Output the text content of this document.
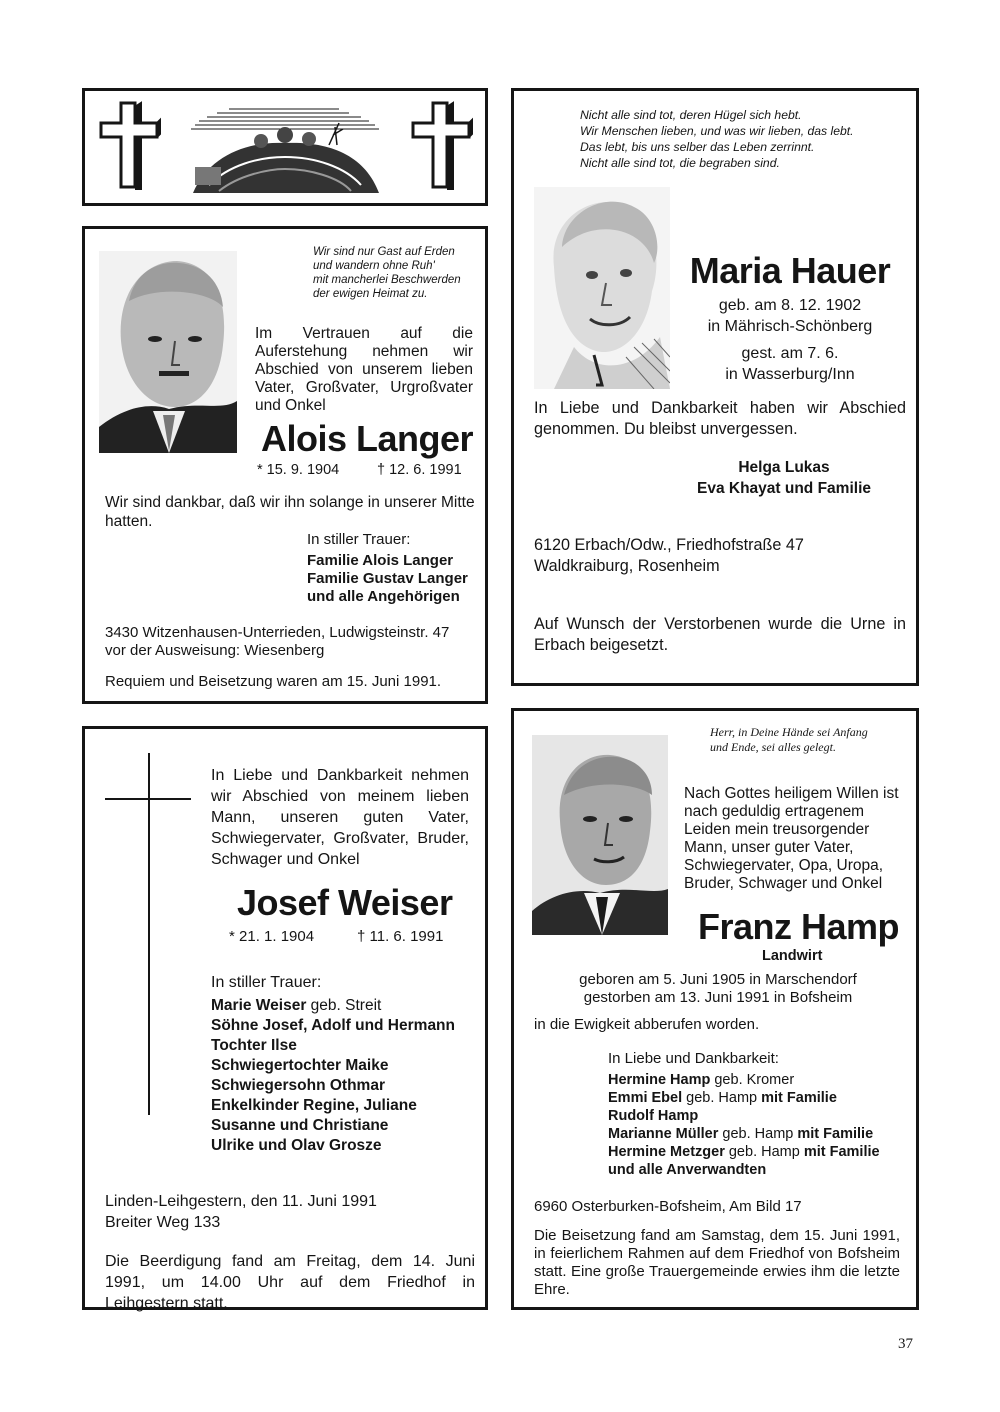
Nicht alle sind tot, deren Hügel sich hebt.
Wir Menschen lieben, und was wir lieben, das lebt.
Das lebt, bis uns selber das Leben zerrinnt.
Nicht alle sind tot, die begraben sind.
Maria Hauer
geb. am 8. 12. 1902
in Mährisch-Schönberg
gest. am 7. 6.
in Wasserburg/Inn
In Liebe und Dankbarkeit haben wir Abschied genommen. Du bleibst unvergessen.
Helga Lukas
Eva Khayat und Familie
6120 Erbach/Odw., Friedhofstraße 47
Waldkraiburg, Rosenheim
Auf Wunsch der Verstorbenen wurde die Urne in Erbach beigesetzt.
Wir sind nur Gast auf Erden
und wandern ohne Ruh'
mit mancherlei Beschwerden
der ewigen Heimat zu.
Im Vertrauen auf die Auferstehung nehmen wir Abschied von unserem lieben Vater, Großvater, Urgroßvater und Onkel
Alois Langer
* 15. 9. 1904	† 12. 6. 1991
Wir sind dankbar, daß wir ihn solange in unserer Mitte hatten.
In stiller Trauer:
Familie Alois Langer
Familie Gustav Langer
und alle Angehörigen
3430 Witzenhausen-Unterrieden, Ludwigsteinstr. 47
vor der Ausweisung: Wiesenberg
Requiem und Beisetzung waren am 15. Juni 1991.
In Liebe und Dankbarkeit nehmen wir Abschied von meinem lieben Mann, unseren guten Vater, Schwiegervater, Großvater, Bruder, Schwager und Onkel
Josef Weiser
* 21. 1. 1904	† 11. 6. 1991
In stiller Trauer:
Marie Weiser geb. Streit
Söhne Josef, Adolf und Hermann
Tochter Ilse
Schwiegertochter Maike
Schwiegersohn Othmar
Enkelkinder Regine, Juliane
Susanne und Christiane
Ulrike und Olav Grosze
Linden-Leihgestern, den 11. Juni 1991
Breiter Weg 133
Die Beerdigung fand am Freitag, dem 14. Juni 1991, um 14.00 Uhr auf dem Friedhof in Leihgestern statt.
Herr, in Deine Hände sei Anfang
und Ende, sei alles gelegt.
Nach Gottes heiligem Willen ist nach geduldig ertragenem Leiden mein treusorgender Mann, unser guter Vater, Schwiegervater, Opa, Uropa, Bruder, Schwager und Onkel
Franz Hamp
Landwirt
geboren am 5. Juni 1905 in Marschendorf
gestorben am 13. Juni 1991 in Bofsheim
in die Ewigkeit abberufen worden.
In Liebe und Dankbarkeit:
Hermine Hamp geb. Kromer
Emmi Ebel geb. Hamp mit Familie
Rudolf Hamp
Marianne Müller geb. Hamp mit Familie
Hermine Metzger geb. Hamp mit Familie
und alle Anverwandten
6960 Osterburken-Bofsheim, Am Bild 17
Die Beisetzung fand am Samstag, dem 15. Juni 1991, in feierlichem Rahmen auf dem Friedhof von Bofsheim statt. Eine große Trauergemeinde erwies ihm die letzte Ehre.
37
